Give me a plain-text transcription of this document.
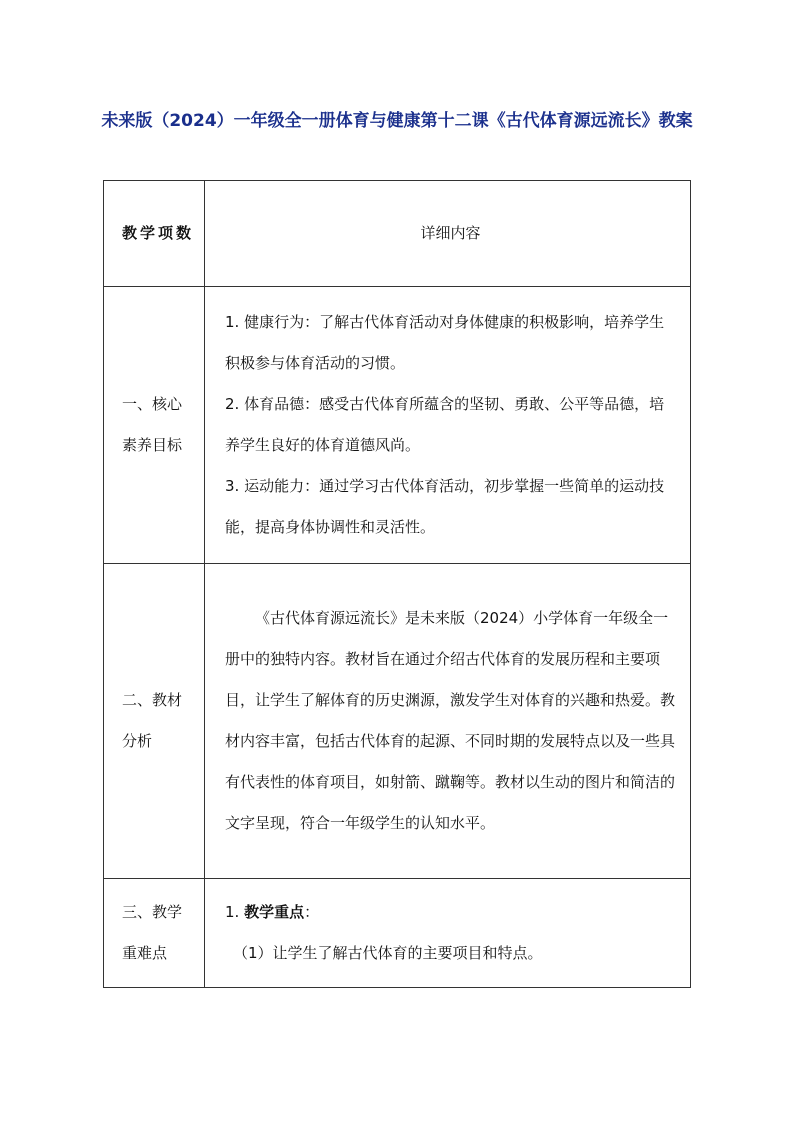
未来版（2024）一年级全一册体育与健康第十二课《古代体育源远流长》教案
教学项数	详细内容

一、核心素养目标	1. 健康行为：了解古代体育活动对身体健康的积极影响，培养学生积极参与体育活动的习惯。

2. 体育品德：感受古代体育所蕴含的坚韧、勇敢、公平等品德，培养学生良好的体育道德风尚。

3. 运动能力：通过学习古代体育活动，初步掌握一些简单的运动技能，提高身体协调性和灵活性。

二、教材分析	《古代体育源远流长》是未来版（2024）小学体育一年级全一册中的独特内容。教材旨在通过介绍古代体育的发展历程和主要项目，让学生了解体育的历史渊源，激发学生对体育的兴趣和热爱。教材内容丰富，包括古代体育的起源、不同时期的发展特点以及一些具有代表性的体育项目，如射箭、蹴鞠等。教材以生动的图片和简洁的文字呈现，符合一年级学生的认知水平。

三、教学重难点	1. 教学重点：

（1）让学生了解古代体育的主要项目和特点。
